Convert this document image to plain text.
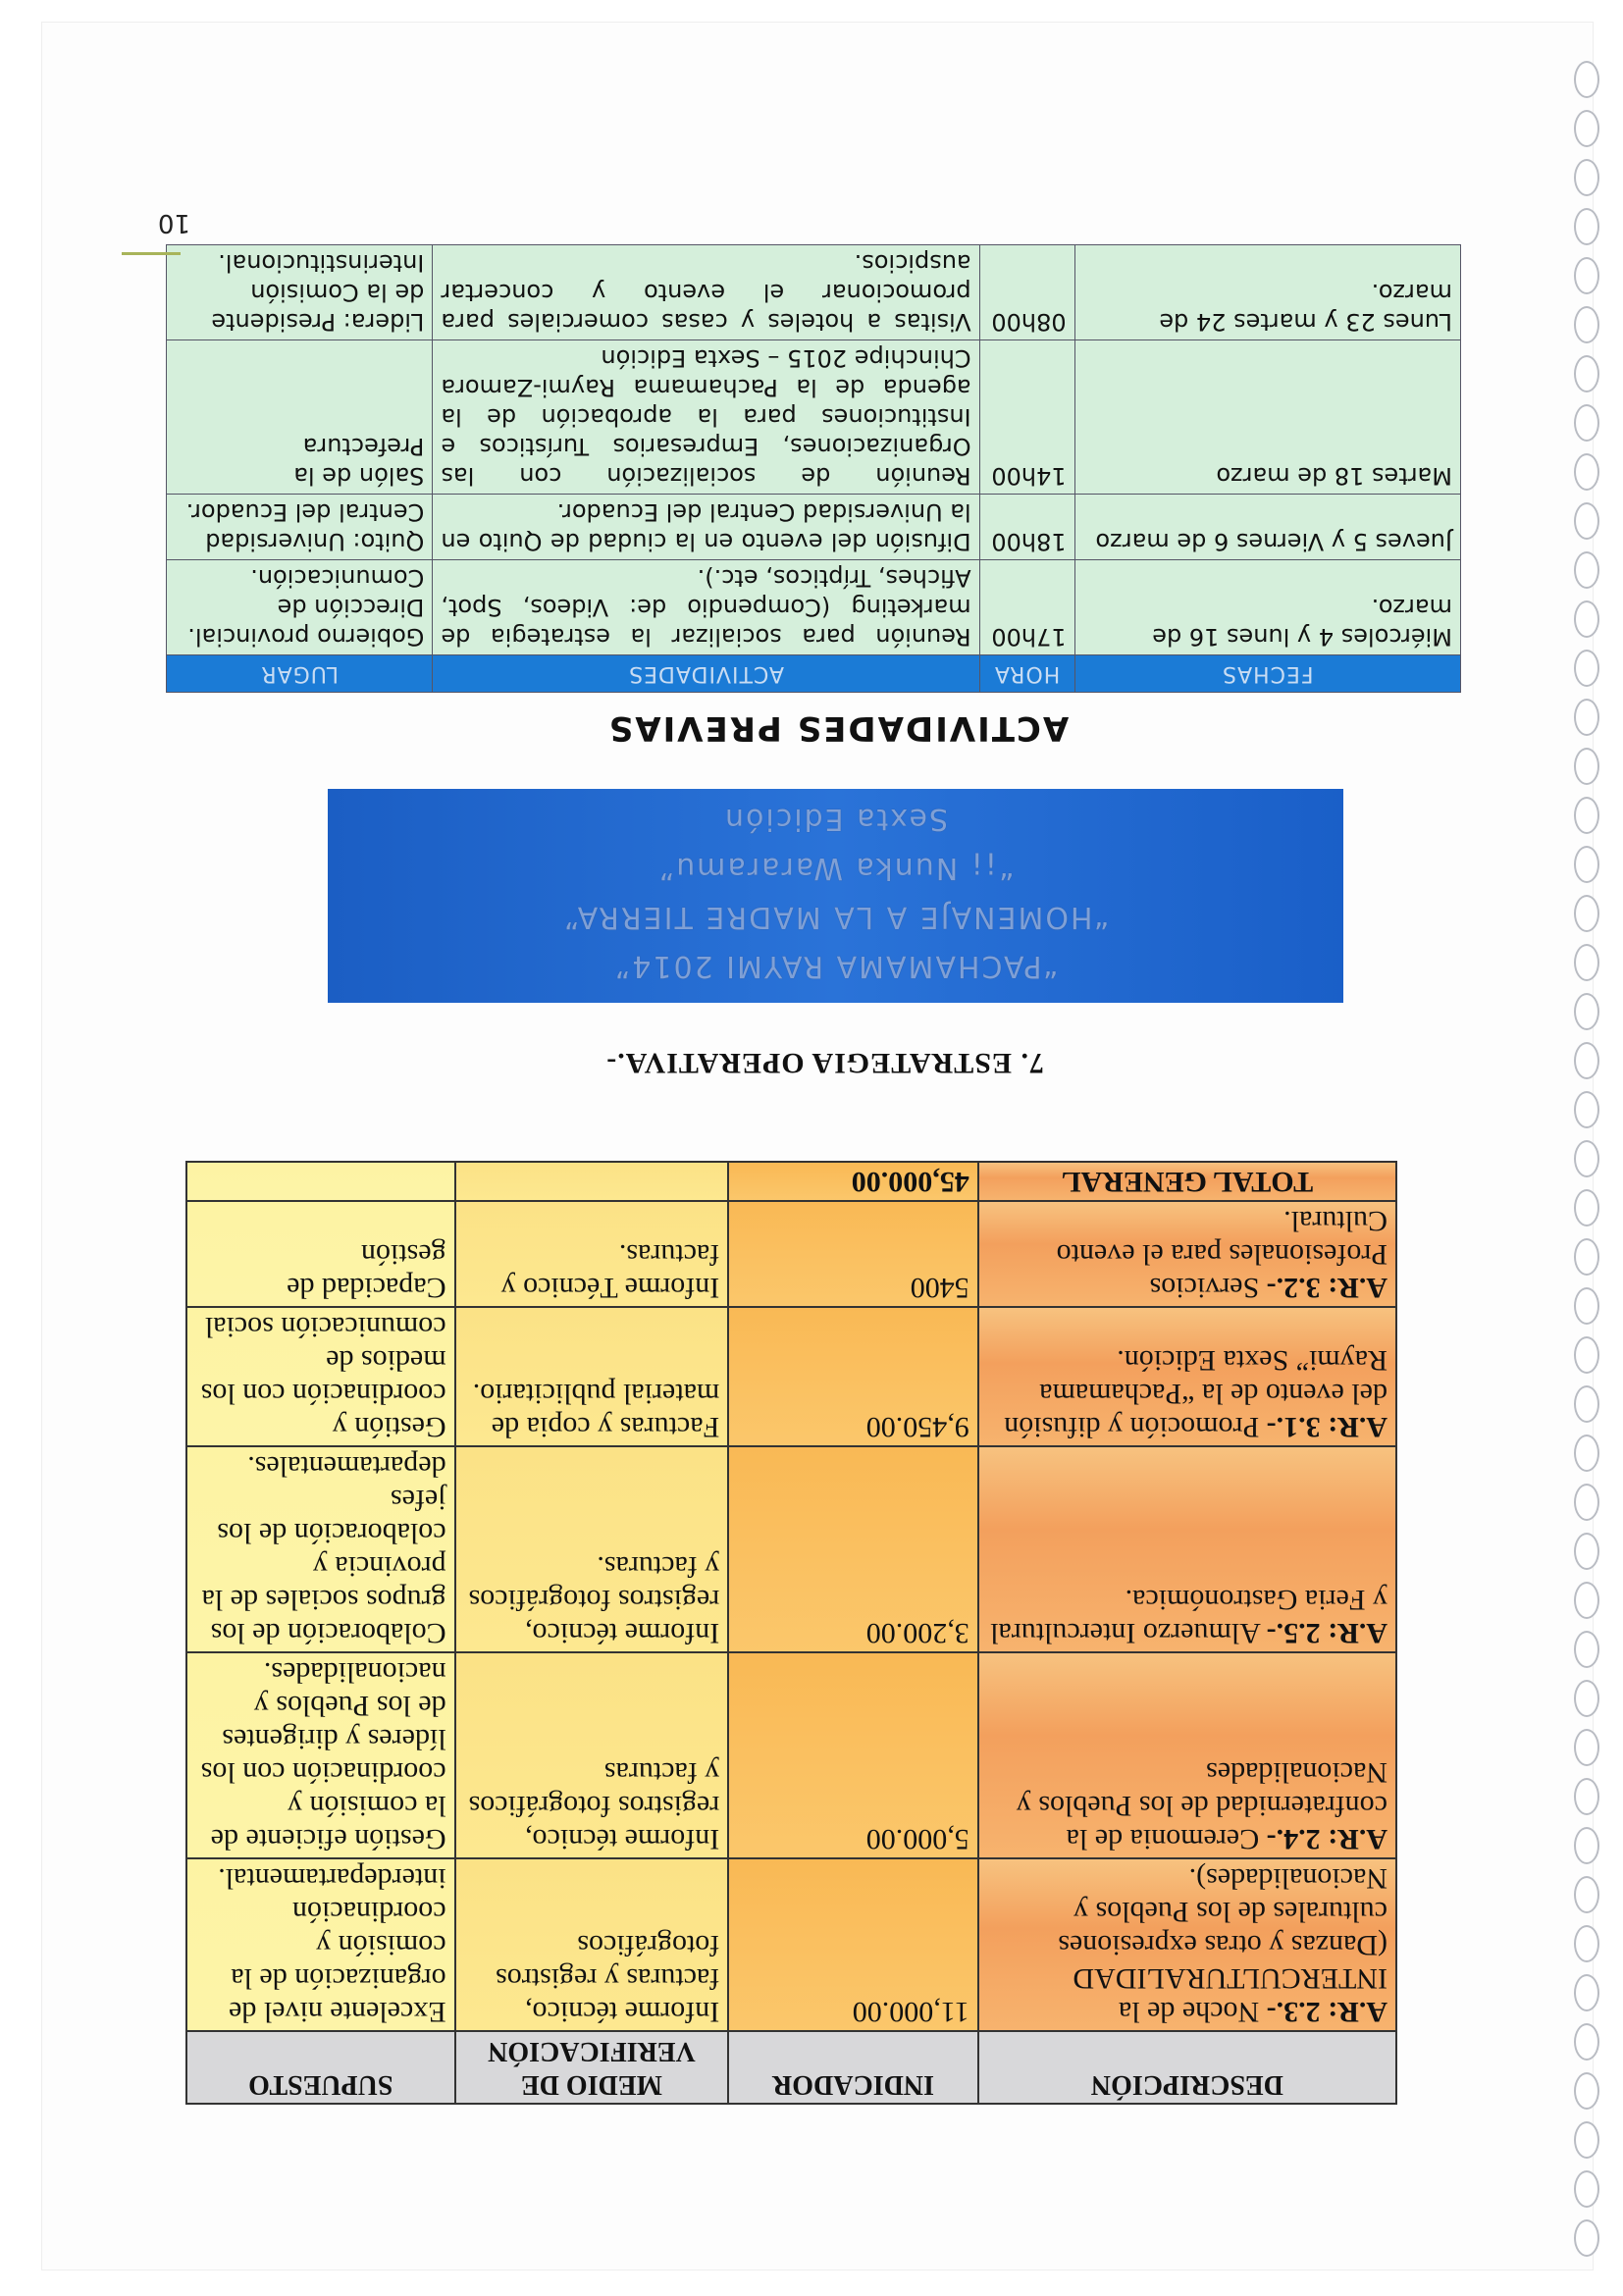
DESCRIPCIÓN	INDICADOR	MEDIO DE VERIFICACIÓN	SUPUESTO
A.R: 2.3.- Noche de la INTERCULTURALIDAD (Danzas y otras expresiones culturales de los Pueblos y Nacionalidades).	11,000.00	Informe técnico, facturas y registros fotográficos	Excelente nivel de organización de la comisión y coordinación interdepartamental.
A.R: 2.4.- Ceremonia de la confraternidad de los Pueblos y Nacionalidades	5,000.00	Informe técnico, registros fotográficos y facturas	Gestión eficiente de la comisión y coordinación con los líderes y dirigentes de los Pueblos y nacionalidades.
A.R: 2.5.- Almuerzo Intercultural y Feria Gastronómica.	3,200.00	Informe técnico, registros fotográficos y facturas.	Colaboración de los grupos sociales de la provincia y colaboración de los jefes departamentales.
A.R: 3.1.- Promoción y difusión del evento de la “Pachamama Raymi” Sexta Edición.	9,450.00	Facturas y copia de material publicitario.	Gestión y coordinación con los medios de comunicación social
A.R: 3.2.- Servicios Profesionales para el evento Cultural.	5400	Informe Técnico y facturas.	Capacidad de gestión
TOTAL GENERAL	45,000.00		
7. ESTRATEGIA OPERATIVA.-
“PACHAMAMA RAYMI 2014”
“HOMENAJE A LA MADRE TIERRA”
“¡¡ Nunka Wararamu”
Sexta Edición
ACTIVIDADES PREVIAS
FECHAS	HORA	ACTIVIDADES	LUGAR
Miércoles 4 y lunes 16 de marzo.	17h00	Reunión para socializar la estrategia de marketing (Compendio de: Videos, Spot, Afiches, Trípticos, etc.).	Gobierno provincial. Dirección de Comunicación.
Jueves 5 y Viernes 6 de marzo	18h00	Difusión del evento en la ciudad de Quito en la Universidad Central del Ecuador.	Quito: Universidad Central del Ecuador.
Martes 18 de marzo	14h00	Reunión de socialización con las Organizaciones, Empresarios Turísticos e Instituciones para la aprobación de la agenda de la Pachamama Raymi-Zamora Chinchipe 2015 – Sexta Edición	Salón de la Prefectura
Lunes 23 y martes 24 de marzo.	08h00	Visitas a hoteles y casas comerciales para promocionar el evento y concertar auspicios.	Lidera: Presidente de la Comisión Interinstitucional.
10
